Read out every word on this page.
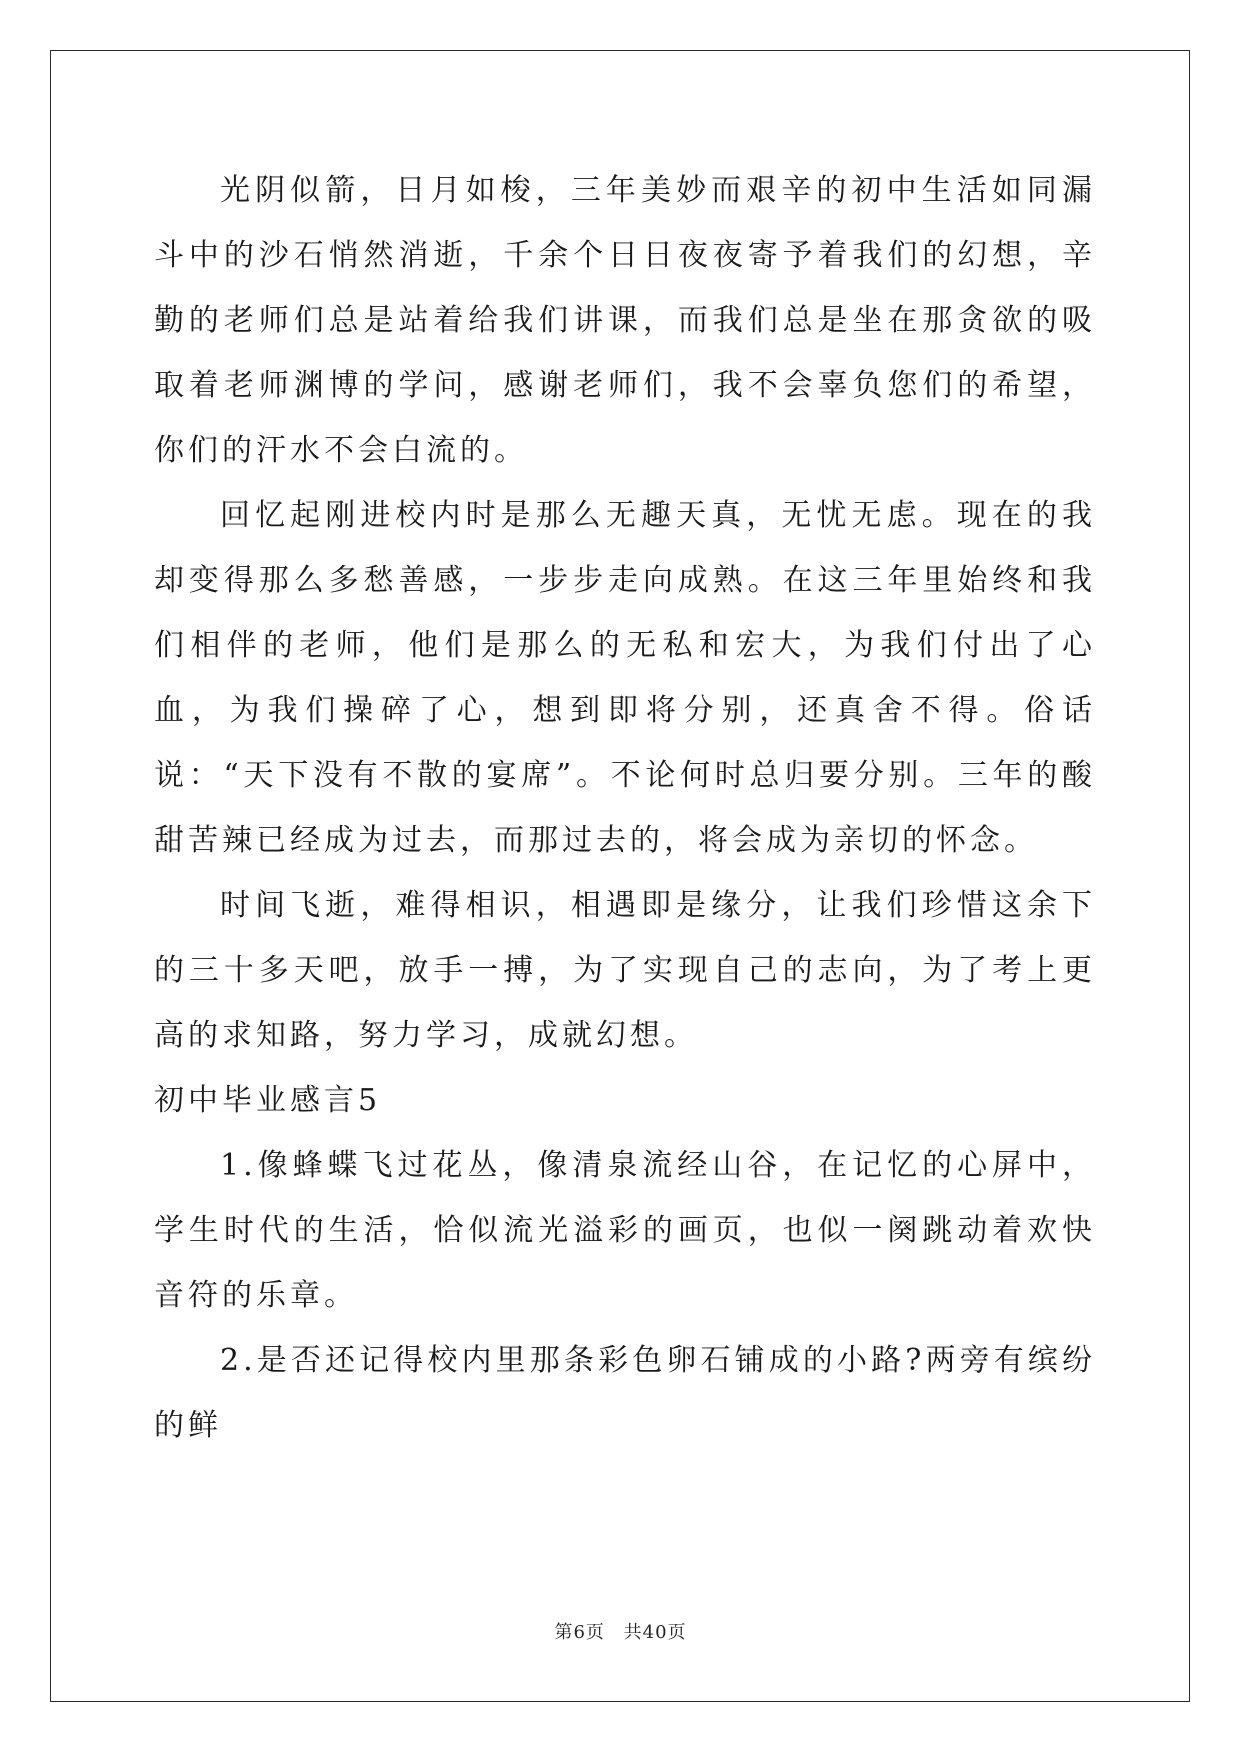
光阴似箭，日月如梭，三年美妙而艰辛的初中生活如同漏斗中的沙石悄然消逝，千余个日日夜夜寄予着我们的幻想，辛勤的老师们总是站着给我们讲课，而我们总是坐在那贪欲的吸取着老师渊博的学问，感谢老师们，我不会辜负您们的希望，你们的汗水不会白流的。

回忆起刚进校内时是那么无趣天真，无忧无虑。现在的我却变得那么多愁善感，一步步走向成熟。在这三年里始终和我们相伴的老师，他们是那么的无私和宏大，为我们付出了心血，为我们操碎了心，想到即将分别，还真舍不得。俗话说：“天下没有不散的宴席”。不论何时总归要分别。三年的酸甜苦辣已经成为过去，而那过去的，将会成为亲切的怀念。

时间飞逝，难得相识，相遇即是缘分，让我们珍惜这余下的三十多天吧，放手一搏，为了实现自己的志向，为了考上更高的求知路，努力学习，成就幻想。

初中毕业感言5

1.像蜂蝶飞过花丛，像清泉流经山谷，在记忆的心屏中，学生时代的生活，恰似流光溢彩的画页，也似一阕跳动着欢快音符的乐章。

2.是否还记得校内里那条彩色卵石铺成的小路?两旁有缤纷的鲜

第6页 共40页
